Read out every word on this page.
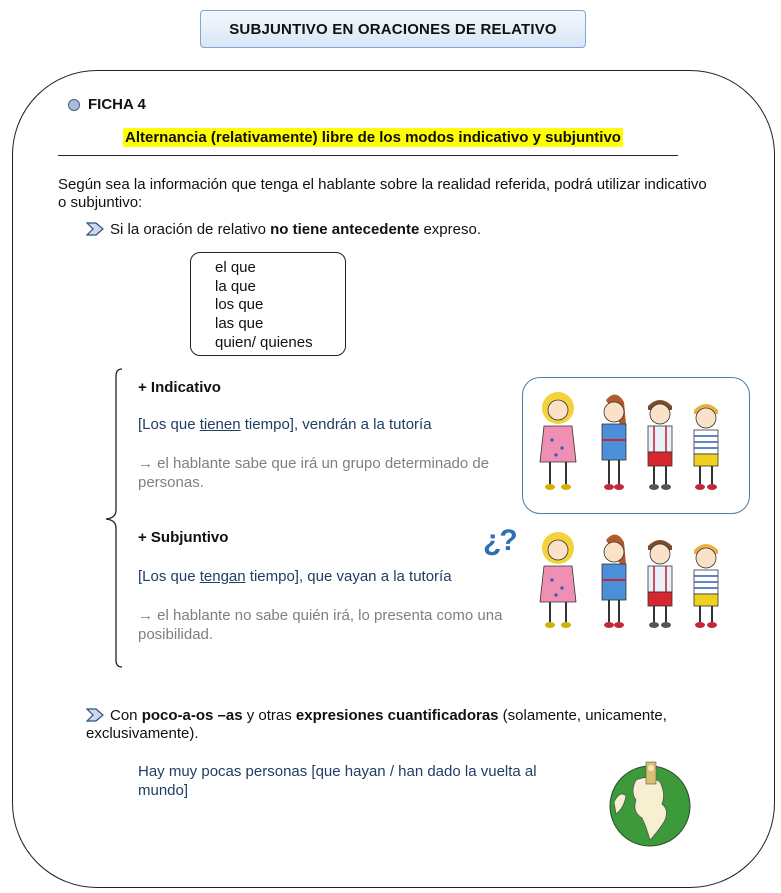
SUBJUNTIVO EN ORACIONES DE RELATIVO
FICHA 4
Alternancia (relativamente) libre de los modos indicativo y subjuntivo
Según sea la información que tenga el hablante sobre la realidad referida, podrá utilizar indicativo o subjuntivo:
Si la oración de relativo no tiene antecedente expreso.
el que
la que
los que
las que
quien/ quienes
+ Indicativo
[Los que tienen tiempo], vendrán a la tutoría
→ el hablante sabe que irá un grupo determinado de personas.
+ Subjuntivo	¿?
[Los que tengan tiempo], que vayan a la tutoría
→ el hablante no sabe quién irá, lo presenta como una posibilidad.
Con poco-a-os –as y otras expresiones cuantificadoras (solamente, unicamente, exclusivamente).
Hay muy pocas personas [que hayan / han dado la vuelta al mundo]
